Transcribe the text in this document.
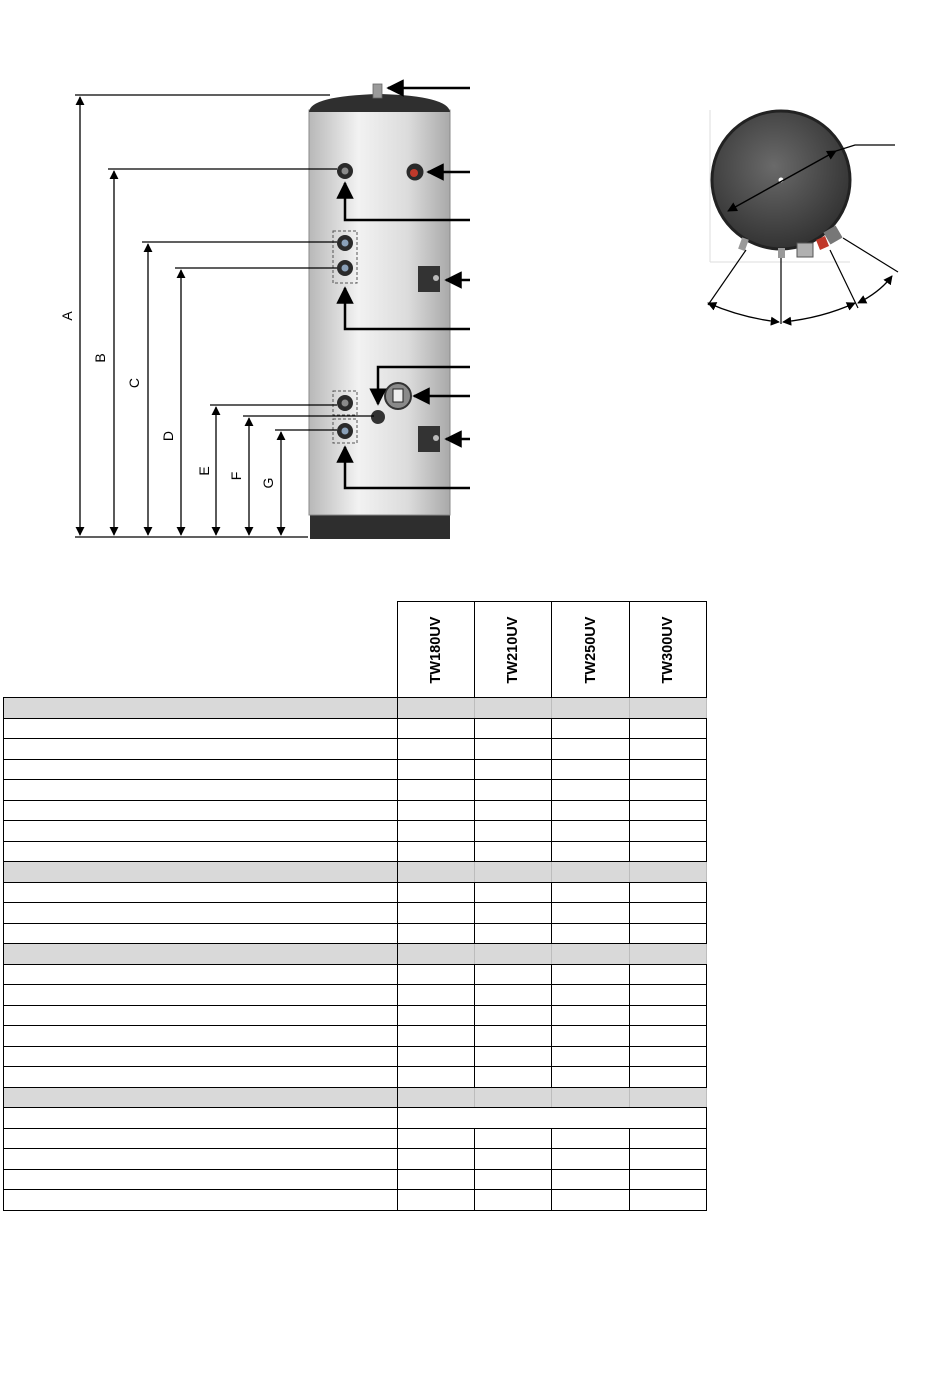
A
B
C
D
E
F
G

	TW180UV	TW210UV	TW250UV	TW300UV
